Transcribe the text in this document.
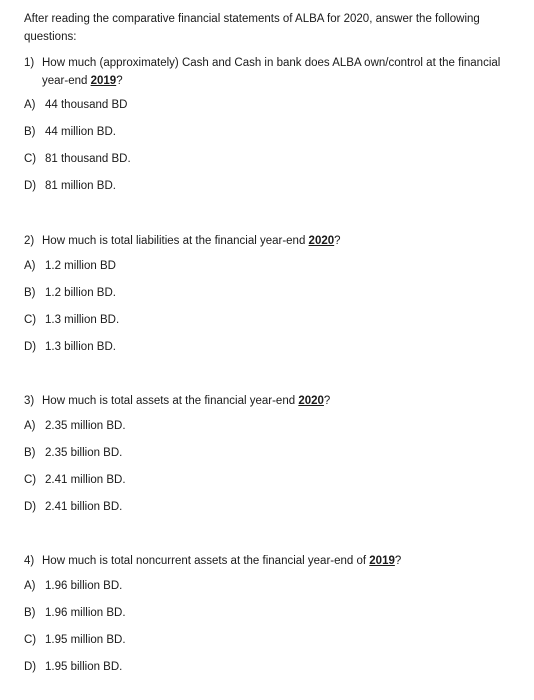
After reading the comparative financial statements of ALBA for 2020, answer the following questions:
1) How much (approximately) Cash and Cash in bank does ALBA own/control at the financial year-end 2019?
A) 44 thousand BD
B) 44 million BD.
C) 81 thousand BD.
D) 81 million BD.
2) How much is total liabilities at the financial year-end 2020?
A) 1.2 million BD
B) 1.2 billion BD.
C) 1.3 million BD.
D) 1.3 billion BD.
3) How much is total assets at the financial year-end 2020?
A) 2.35 million BD.
B) 2.35 billion BD.
C) 2.41 million BD.
D) 2.41 billion BD.
4) How much is total noncurrent assets at the financial year-end of 2019?
A) 1.96 billion BD.
B) 1.96 million BD.
C) 1.95 million BD.
D) 1.95 billion BD.
